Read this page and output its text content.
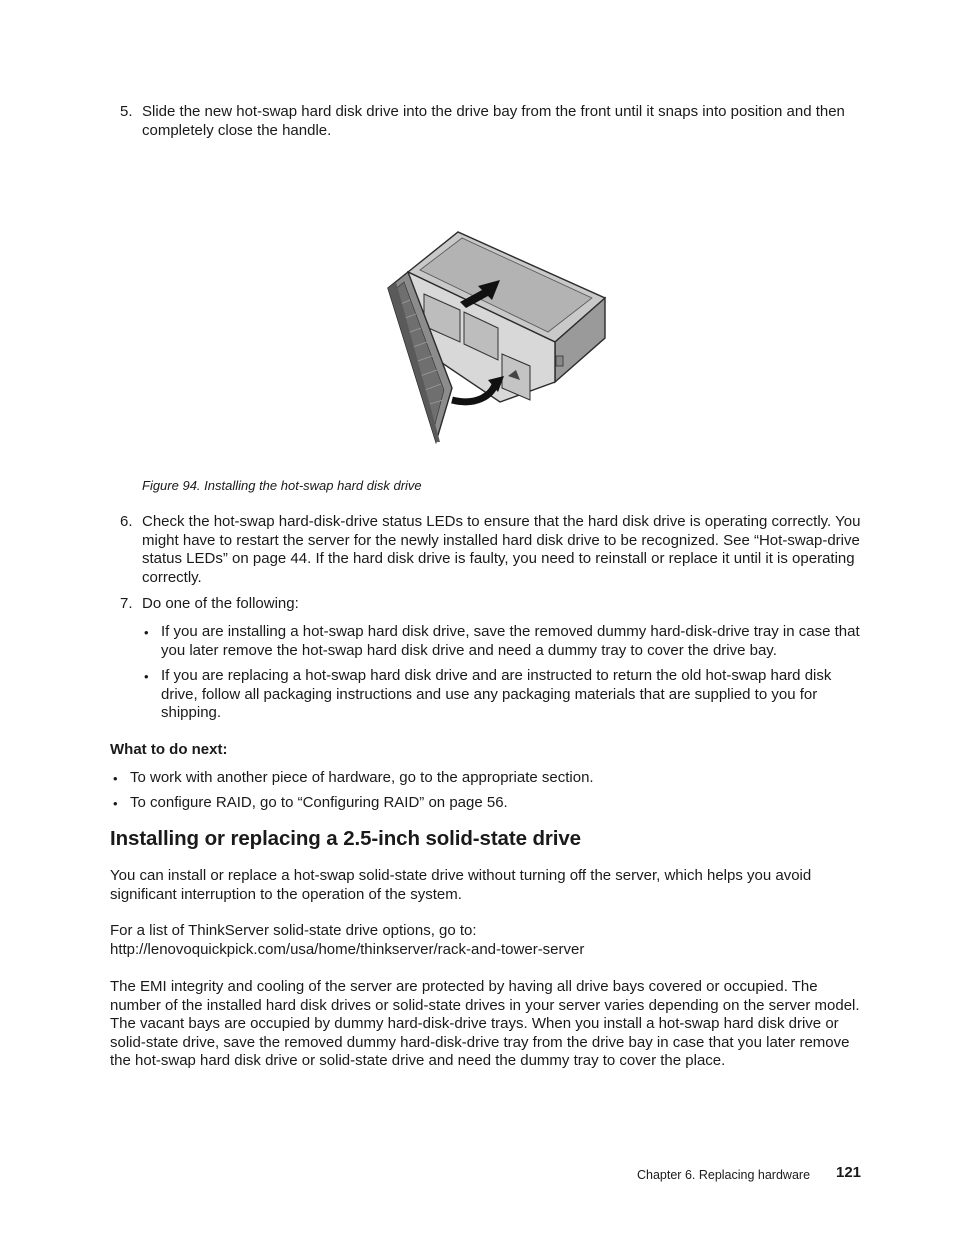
5. Slide the new hot-swap hard disk drive into the drive bay from the front until it snaps into position and then completely close the handle.

Figure 94. Installing the hot-swap hard disk drive

6. Check the hot-swap hard-disk-drive status LEDs to ensure that the hard disk drive is operating correctly. You might have to restart the server for the newly installed hard disk drive to be recognized. See “Hot-swap-drive status LEDs” on page 44. If the hard disk drive is faulty, you need to reinstall or replace it until it is operating correctly.

7. Do one of the following:

• If you are installing a hot-swap hard disk drive, save the removed dummy hard-disk-drive tray in case that you later remove the hot-swap hard disk drive and need a dummy tray to cover the drive bay.

• If you are replacing a hot-swap hard disk drive and are instructed to return the old hot-swap hard disk drive, follow all packaging instructions and use any packaging materials that are supplied to you for shipping.

What to do next:

• To work with another piece of hardware, go to the appropriate section.

• To configure RAID, go to “Configuring RAID” on page 56.

Installing or replacing a 2.5-inch solid-state drive

You can install or replace a hot-swap solid-state drive without turning off the server, which helps you avoid significant interruption to the operation of the system.

For a list of ThinkServer solid-state drive options, go to:

http://lenovoquickpick.com/usa/home/thinkserver/rack-and-tower-server

The EMI integrity and cooling of the server are protected by having all drive bays covered or occupied. The number of the installed hard disk drives or solid-state drives in your server varies depending on the server model. The vacant bays are occupied by dummy hard-disk-drive trays. When you install a hot-swap hard disk drive or solid-state drive, save the removed dummy hard-disk-drive tray from the drive bay in case that you later remove the hot-swap hard disk drive or solid-state drive and need the dummy tray to cover the place.

Chapter 6. Replacing hardware 121
